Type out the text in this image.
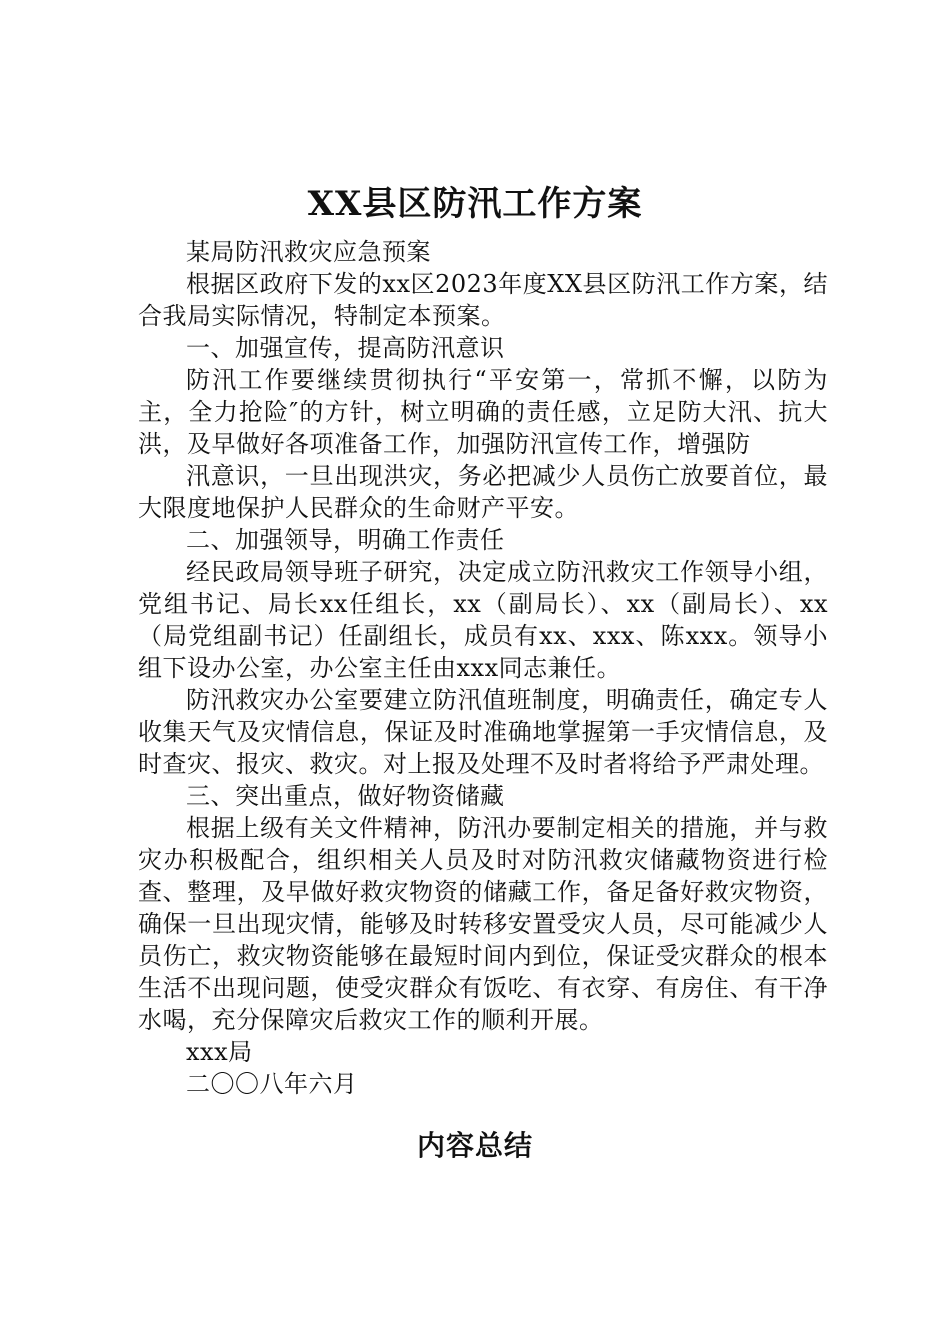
XX县区防汛工作方案

某局防汛救灾应急预案

根据区政府下发的xx区2023年度XX县区防汛工作方案，结合我局实际情况，特制定本预案。

一、加强宣传，提高防汛意识

防汛工作要继续贯彻执行“平安第一，常抓不懈，以防为主，全力抢险″的方针，树立明确的责任感，立足防大汛、抗大洪，及早做好各项准备工作，加强防汛宣传工作，增强防

汛意识，一旦出现洪灾，务必把减少人员伤亡放要首位，最大限度地保护人民群众的生命财产平安。

二、加强领导，明确工作责任

经民政局领导班子研究，决定成立防汛救灾工作领导小组，党组书记、局长xx任组长，xx（副局长）、xx（副局长）、xx（局党组副书记）任副组长，成员有xx、xxx、陈xxx。领导小组下设办公室，办公室主任由xxx同志兼任。

防汛救灾办公室要建立防汛值班制度，明确责任，确定专人收集天气及灾情信息，保证及时准确地掌握第一手灾情信息，及时查灾、报灾、救灾。对上报及处理不及时者将给予严肃处理。

三、突出重点，做好物资储藏

根据上级有关文件精神，防汛办要制定相关的措施，并与救灾办积极配合，组织相关人员及时对防汛救灾储藏物资进行检查、整理，及早做好救灾物资的储藏工作，备足备好救灾物资，确保一旦出现灾情，能够及时转移安置受灾人员，尽可能减少人员伤亡，救灾物资能够在最短时间内到位，保证受灾群众的根本生活不出现问题，使受灾群众有饭吃、有衣穿、有房住、有干净水喝，充分保障灾后救灾工作的顺利开展。

xxx局

二〇〇八年六月

内容总结
